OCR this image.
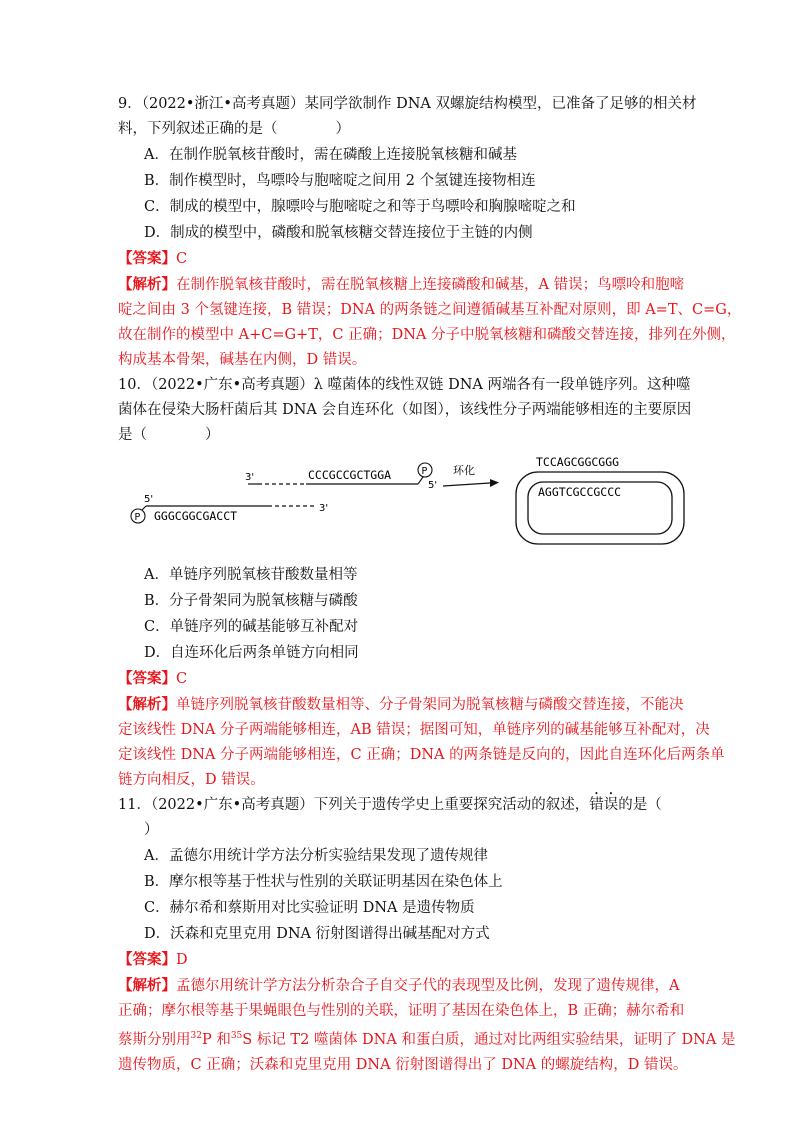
9．（2022•浙江•高考真题）某同学欲制作 DNA 双螺旋结构模型，已准备了足够的相关材
料，下列叙述正确的是（　　　　）
A．在制作脱氧核苷酸时，需在磷酸上连接脱氧核糖和碱基
B．制作模型时，鸟嘌呤与胞嘧啶之间用 2 个氢键连接物相连
C．制成的模型中，腺嘌呤与胞嘧啶之和等于鸟嘌呤和胸腺嘧啶之和
D．制成的模型中，磷酸和脱氧核糖交替连接位于主链的内侧
【答案】C
【解析】在制作脱氧核苷酸时，需在脱氧核糖上连接磷酸和碱基，A 错误；鸟嘌呤和胞嘧
啶之间由 3 个氢键连接，B 错误；DNA 的两条链之间遵循碱基互补配对原则，即 A=T、C=G，
故在制作的模型中 A+C=G+T，C 正确；DNA 分子中脱氧核糖和磷酸交替连接，排列在外侧，
构成基本骨架，碱基在内侧，D 错误。
10．（2022•广东•高考真题）λ 噬菌体的线性双链 DNA 两端各有一段单链序列。这种噬
菌体在侵染大肠杆菌后其 DNA 会自连环化（如图），该线性分子两端能够相连的主要原因
是（　　　　）
3'	CCCGCCGCTGGA	P
5'
GGGCGGCGACCT
3'
P
5'
环化
TCCAGCGGCGGG
AGGTCGCCGCCC
A．单链序列脱氧核苷酸数量相等
B．分子骨架同为脱氧核糖与磷酸
C．单链序列的碱基能够互补配对
D．自连环化后两条单链方向相同
【答案】C
【解析】单链序列脱氧核苷酸数量相等、分子骨架同为脱氧核糖与磷酸交替连接，不能决
定该线性 DNA 分子两端能够相连，AB 错误；据图可知，单链序列的碱基能够互补配对，决
定该线性 DNA 分子两端能够相连，C 正确；DNA 的两条链是反向的，因此自连环化后两条单
链方向相反，D 错误。
11．（2022•广东•高考真题）下列关于遗传学史上重要探究活动的叙述，错误的是（
）
A．孟德尔用统计学方法分析实验结果发现了遗传规律
B．摩尔根等基于性状与性别的关联证明基因在染色体上
C．赫尔希和蔡斯用对比实验证明 DNA 是遗传物质
D．沃森和克里克用 DNA 衍射图谱得出碱基配对方式
【答案】D
【解析】孟德尔用统计学方法分析杂合子自交子代的表现型及比例，发现了遗传规律，A
正确；摩尔根等基于果蝇眼色与性别的关联，证明了基因在染色体上，B 正确；赫尔希和
蔡斯分别用$^{32}$P 和$^{35}$S 标记 T2 噬菌体 DNA 和蛋白质，通过对比两组实验结果，证明了 DNA 是
遗传物质，C 正确；沃森和克里克用 DNA 衍射图谱得出了 DNA 的螺旋结构，D 错误。
